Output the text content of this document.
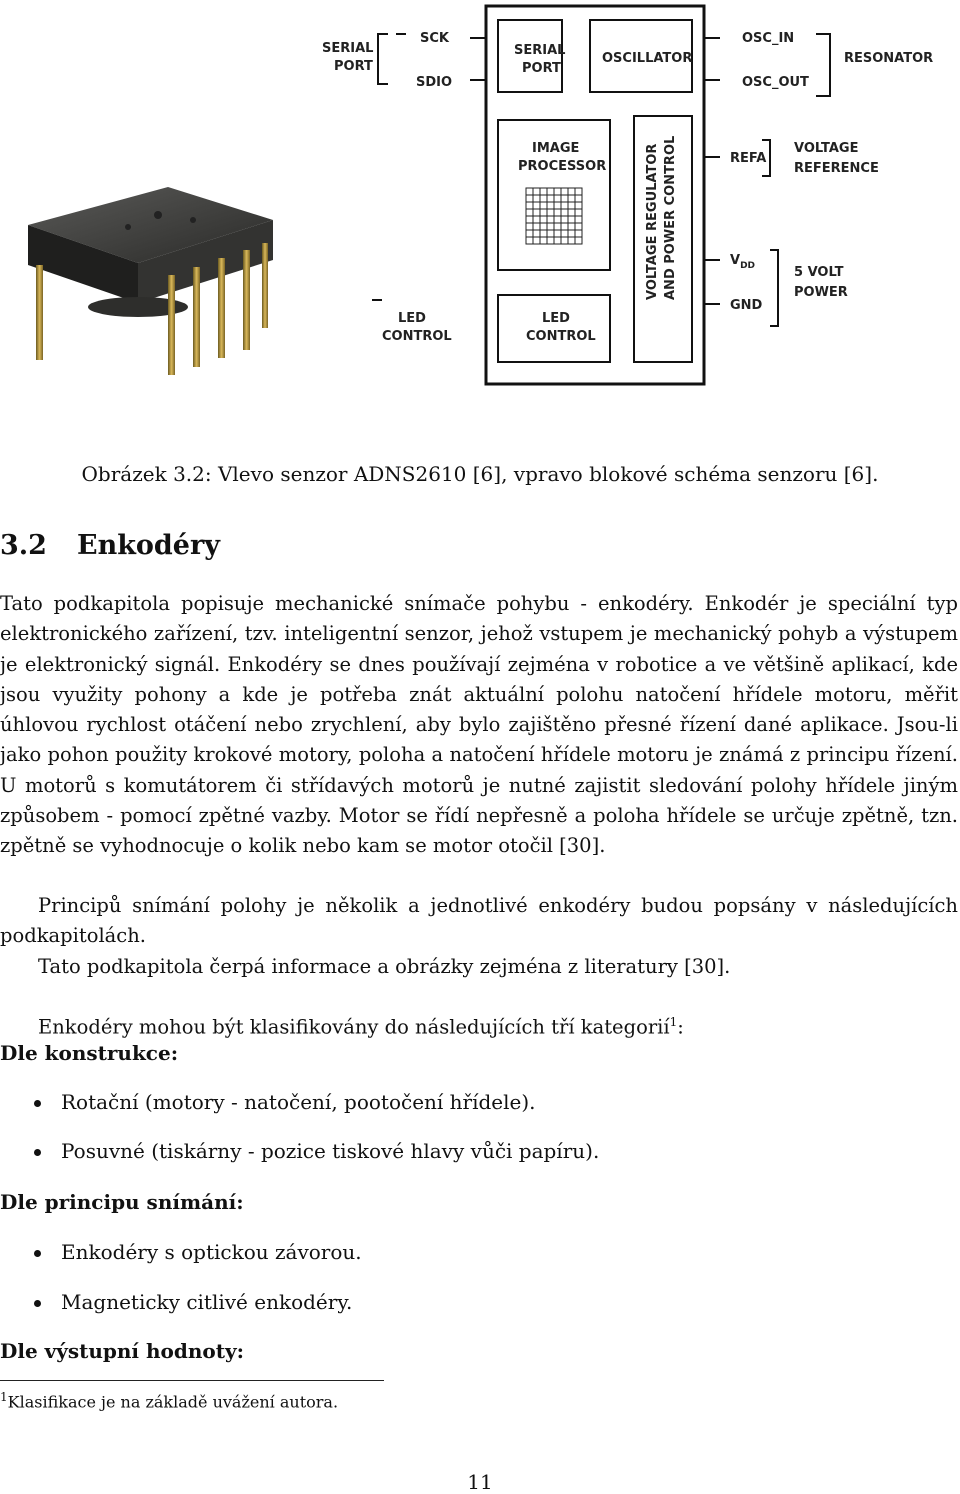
SERIAL PORT
SCK
SDIO
SERIAL PORT
OSCILLATOR
OSC_IN
OSC_OUT
RESONATOR
IMAGE PROCESSOR	VOLTAGE REGULATOR AND POWER CONTROL	REFA
VOLTAGE REFERENCE
$V_{DD}$
GND
5 VOLT POWER
LED CONTROL
LED CONTROL
Obrázek 3.2: Vlevo senzor ADNS2610 [6], vpravo blokové schéma senzoru [6].
3.2 Enkodéry

Tato podkapitola popisuje mechanické snímače pohybu - enkodéry. Enkodér je speciální typ elektronického zařízení, tzv. inteligentní senzor, jehož vstupem je mechanický pohyb a výstupem je elektronický signál. Enkodéry se dnes používají zejména v robotice a ve většině aplikací, kde jsou využity pohony a kde je potřeba znát aktuální polohu natočení hřídele motoru, měřit úhlovou rychlost otáčení nebo zrychlení, aby bylo zajištěno přesné řízení dané aplikace. Jsou-li jako pohon použity krokové motory, poloha a natočení hřídele motoru je známá z principu řízení. U motorů s komutátorem či střídavých motorů je nutné zajistit sledování polohy hřídele jiným způsobem - pomocí zpětné vazby. Motor se řídí nepřesně a poloha hřídele se určuje zpětně, tzn. zpětně se vyhodnocuje o kolik nebo kam se motor otočil [30].

Principů snímání polohy je několik a jednotlivé enkodéry budou popsány v následujících podkapitolách.

Tato podkapitola čerpá informace a obrázky zejména z literatury [30].

Enkodéry mohou být klasifikovány do následujících tří kategorií$^1$:

Dle konstrukce:
Rotační (motory - natočení, pootočení hřídele).
Posuvné (tiskárny - pozice tiskové hlavy vůči papíru).
Dle principu snímání:
Enkodéry s optickou závorou.
Magneticky citlivé enkodéry.
Dle výstupní hodnoty:
$^1$Klasifikace je na základě uvážení autora.
11
